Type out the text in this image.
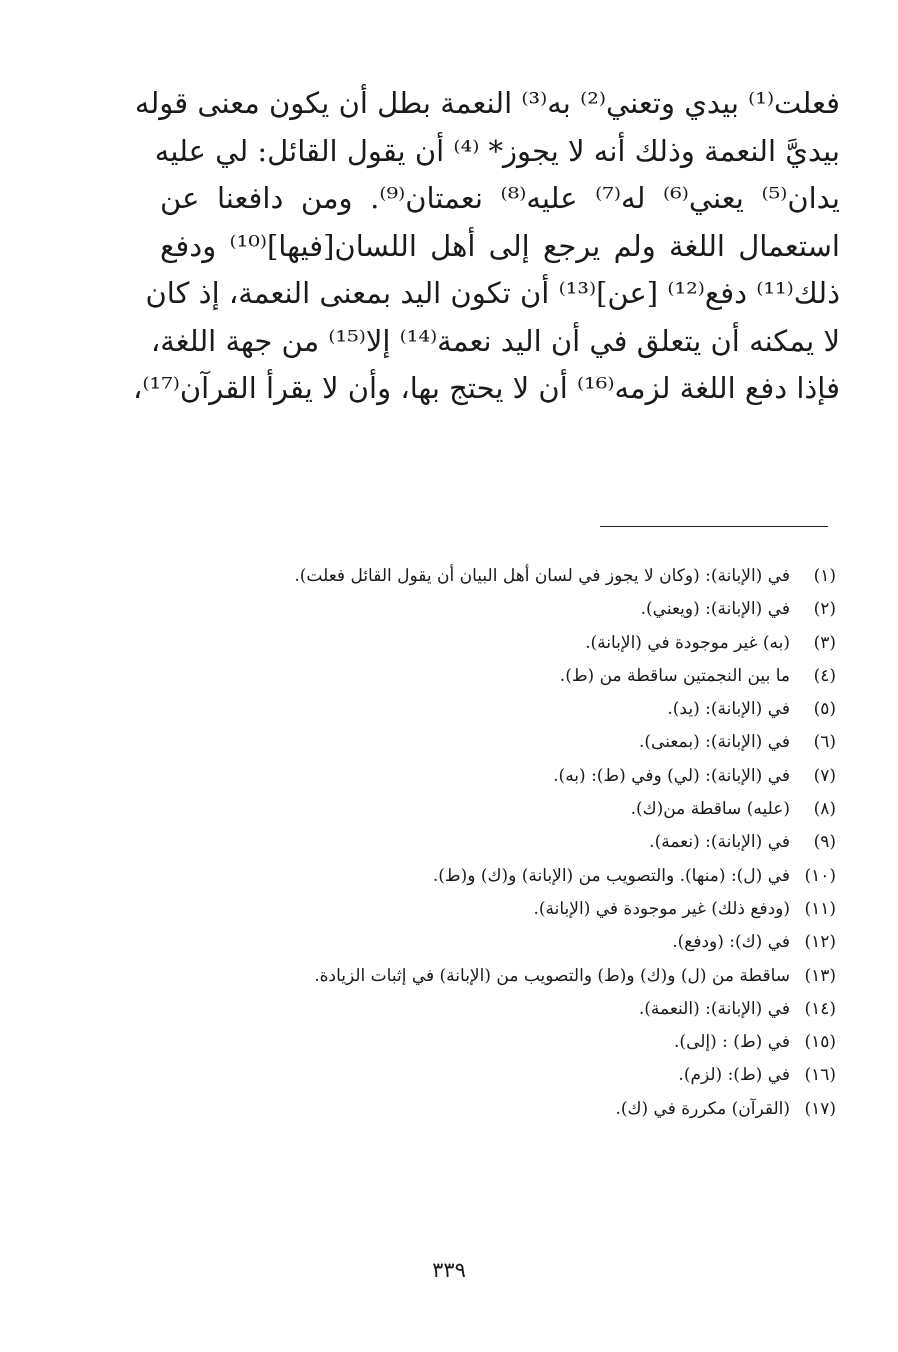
فعلت⁽¹⁾ بيدي وتعني⁽²⁾ به⁽³⁾ النعمة بطل أن يكون معنى قوله
بيديَّ النعمة وذلك أنه لا يجوز* ⁽⁴⁾ أن يقول القائل: لي عليه
يدان⁽⁵⁾ يعني⁽⁶⁾ له⁽⁷⁾ عليه⁽⁸⁾ نعمتان⁽⁹⁾. ومن دافعنا عن
استعمال اللغة ولم يرجع إلى أهل اللسان[فيها]⁽¹⁰⁾ ودفع
ذلك⁽¹¹⁾ دفع⁽¹²⁾ [عن]⁽¹³⁾ أن تكون اليد بمعنى النعمة، إذ كان
لا يمكنه أن يتعلق في أن اليد نعمة⁽¹⁴⁾ إلا⁽¹⁵⁾ من جهة اللغة،
فإذا دفع اللغة لزمه⁽¹⁶⁾ أن لا يحتج بها، وأن لا يقرأ القرآن⁽¹⁷⁾،
(١)في (الإبانة): (وكان لا يجوز في لسان أهل البيان أن يقول القائل فعلت).
(٢)في (الإبانة): (ويعني).
(٣)(به) غير موجودة في (الإبانة).
(٤)ما بين النجمتين ساقطة من (ط).
(٥)في (الإبانة): (يد).
(٦)في (الإبانة): (بمعنى).
(٧)في (الإبانة): (لي) وفي (ط): (به).
(٨)(عليه) ساقطة من(ك).
(٩)في (الإبانة): (نعمة).
(١٠)في (ل): (منها). والتصويب من (الإبانة) و(ك) و(ط).
(١١)(ودفع ذلك) غير موجودة في (الإبانة).
(١٢)في (ك): (ودفع).
(١٣)ساقطة من (ل) و(ك) و(ط) والتصويب من (الإبانة) في إثبات الزيادة.
(١٤)في (الإبانة): (النعمة).
(١٥)في (ط) : (إلى).
(١٦)في (ط): (لزم).
(١٧)(القرآن) مكررة في (ك).
٣٣٩
